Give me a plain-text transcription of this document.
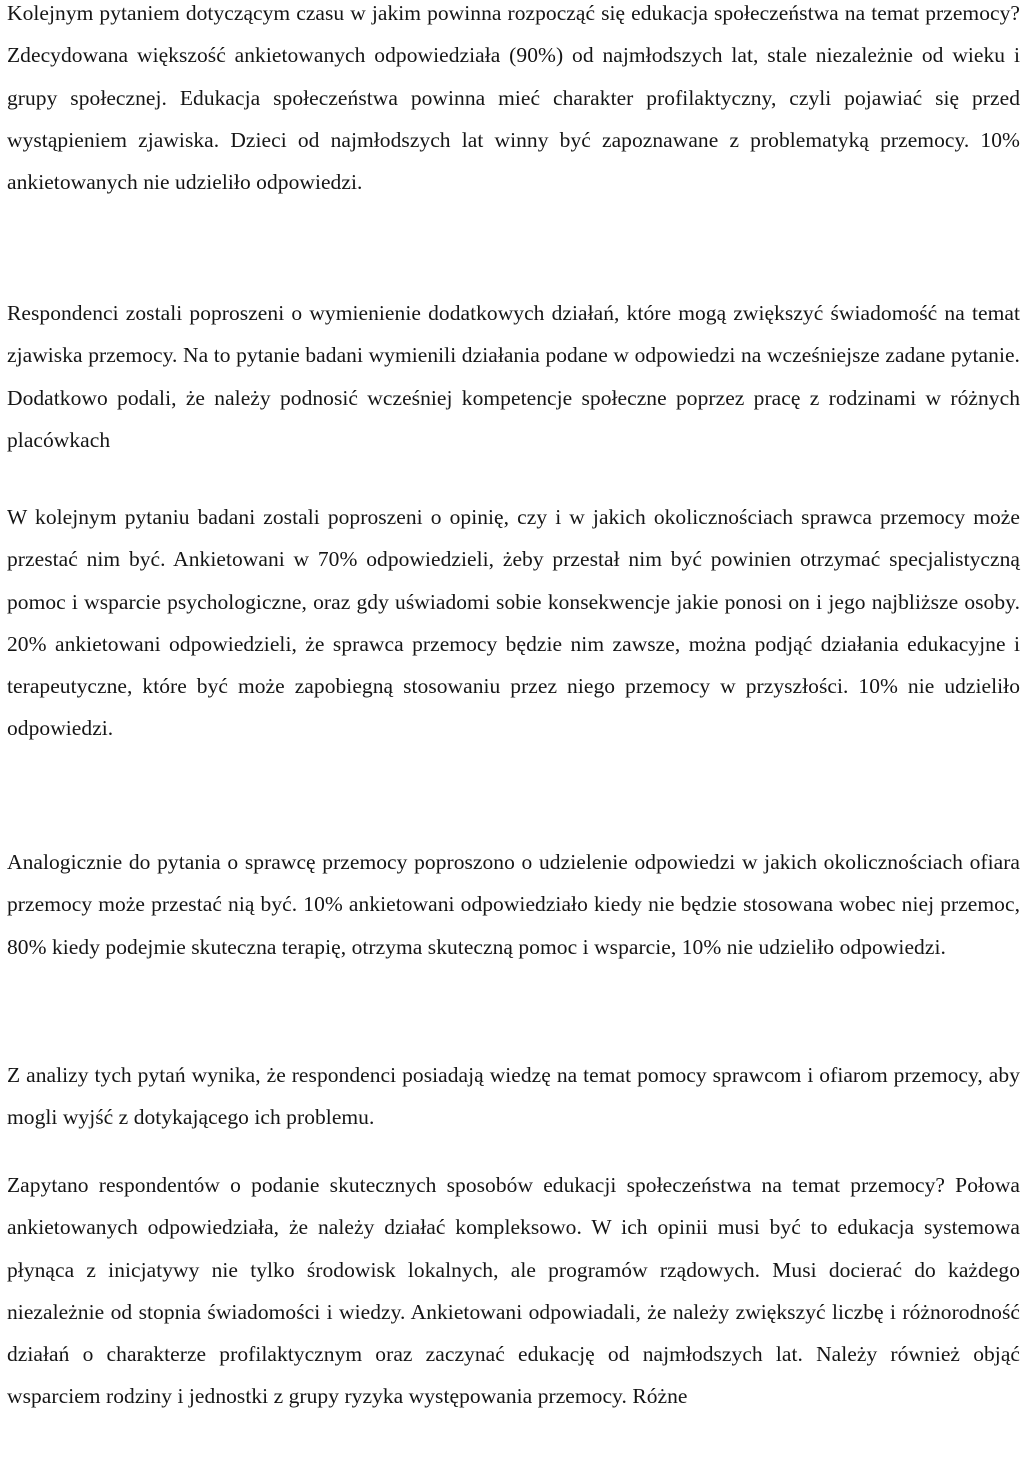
Kolejnym pytaniem dotyczącym czasu w jakim powinna rozpocząć się edukacja społeczeństwa na temat przemocy? Zdecydowana większość ankietowanych odpowiedziała (90%) od najmłodszych lat, stale niezależnie od wieku i grupy społecznej. Edukacja społeczeństwa powinna mieć charakter profilaktyczny, czyli pojawiać się przed wystąpieniem zjawiska. Dzieci od najmłodszych lat winny być zapoznawane z problematyką przemocy. 10% ankietowanych nie udzieliło odpowiedzi.

Respondenci zostali poproszeni o wymienienie dodatkowych działań, które mogą zwiększyć świadomość na temat zjawiska przemocy. Na to pytanie badani wymienili działania podane w odpowiedzi na wcześniejsze zadane pytanie. Dodatkowo podali, że należy podnosić wcześniej kompetencje społeczne poprzez pracę z rodzinami w różnych placówkach

W kolejnym pytaniu badani zostali poproszeni o opinię, czy i w jakich okolicznościach sprawca przemocy może przestać nim być. Ankietowani w 70% odpowiedzieli, żeby przestał nim być powinien otrzymać specjalistyczną pomoc i wsparcie psychologiczne, oraz gdy uświadomi sobie konsekwencje jakie ponosi on i jego najbliższe osoby. 20% ankietowani odpowiedzieli, że sprawca przemocy będzie nim zawsze, można podjąć działania edukacyjne i terapeutyczne, które być może zapobiegną stosowaniu przez niego przemocy w przyszłości. 10% nie udzieliło odpowiedzi.

Analogicznie do pytania o sprawcę przemocy poproszono o udzielenie odpowiedzi w jakich okolicznościach ofiara przemocy może przestać nią być. 10% ankietowani odpowiedziało kiedy nie będzie stosowana wobec niej przemoc, 80% kiedy podejmie skuteczna terapię, otrzyma skuteczną pomoc i wsparcie, 10% nie udzieliło odpowiedzi.

Z analizy tych pytań wynika, że respondenci posiadają wiedzę na temat pomocy sprawcom i ofiarom przemocy, aby mogli wyjść z dotykającego ich problemu.

Zapytano respondentów o podanie skutecznych sposobów edukacji społeczeństwa na temat przemocy? Połowa ankietowanych odpowiedziała, że należy działać kompleksowo. W ich opinii musi być to edukacja systemowa płynąca z inicjatywy nie tylko środowisk lokalnych, ale programów rządowych. Musi docierać do każdego niezależnie od stopnia świadomości i wiedzy. Ankietowani odpowiadali, że należy zwiększyć liczbę i różnorodność działań o charakterze profilaktycznym oraz zaczynać edukację od najmłodszych lat. Należy również objąć wsparciem rodziny i jednostki z grupy ryzyka występowania przemocy. Różne
